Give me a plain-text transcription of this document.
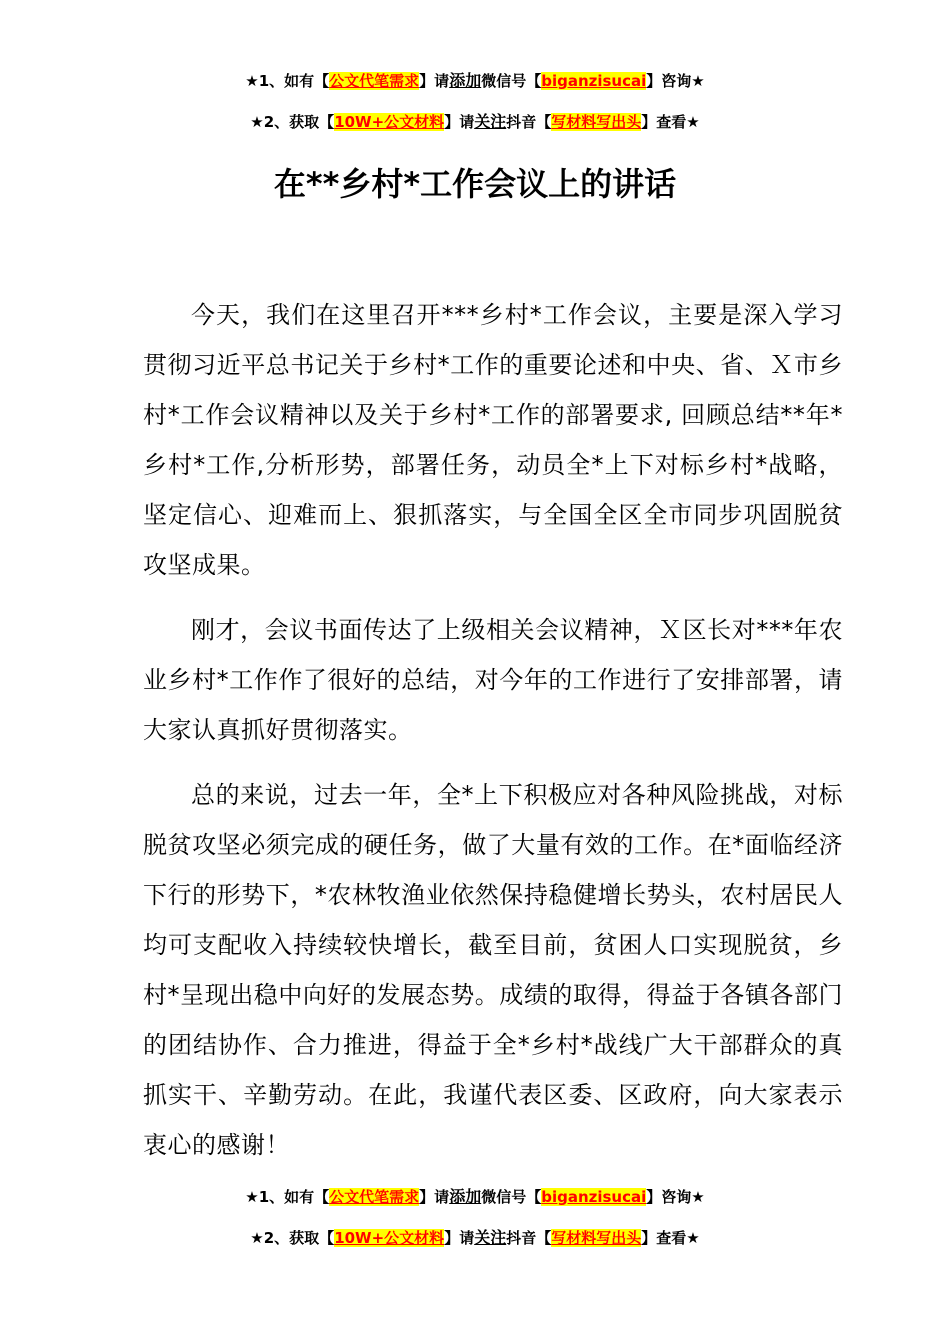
★1、如有【公文代笔需求】请添加微信号【biganzisucai】咨询★
★2、获取【10W+公文材料】请关注抖音【写材料写出头】查看★
在**乡村*工作会议上的讲话

今天，我们在这里召开***乡村*工作会议，主要是深入学习贯彻习近平总书记关于乡村*工作的重要论述和中央、省、Ｘ市乡村*工作会议精神以及关于乡村*工作的部署要求, 回顾总结**年*乡村*工作,分析形势，部署任务，动员全*上下对标乡村*战略，坚定信心、迎难而上、狠抓落实，与全国全区全市同步巩固脱贫攻坚成果。

刚才，会议书面传达了上级相关会议精神，Ｘ区长对***年农业乡村*工作作了很好的总结，对今年的工作进行了安排部署，请大家认真抓好贯彻落实。

总的来说，过去一年，全*上下积极应对各种风险挑战，对标脱贫攻坚必须完成的硬任务，做了大量有效的工作。在*面临经济下行的形势下，*农林牧渔业依然保持稳健增长势头，农村居民人均可支配收入持续较快增长，截至目前，贫困人口实现脱贫，乡村*呈现出稳中向好的发展态势。成绩的取得，得益于各镇各部门的团结协作、合力推进，得益于全*乡村*战线广大干部群众的真抓实干、辛勤劳动。在此，我谨代表区委、区政府，向大家表示衷心的感谢！

★1、如有【公文代笔需求】请添加微信号【biganzisucai】咨询★
★2、获取【10W+公文材料】请关注抖音【写材料写出头】查看★
